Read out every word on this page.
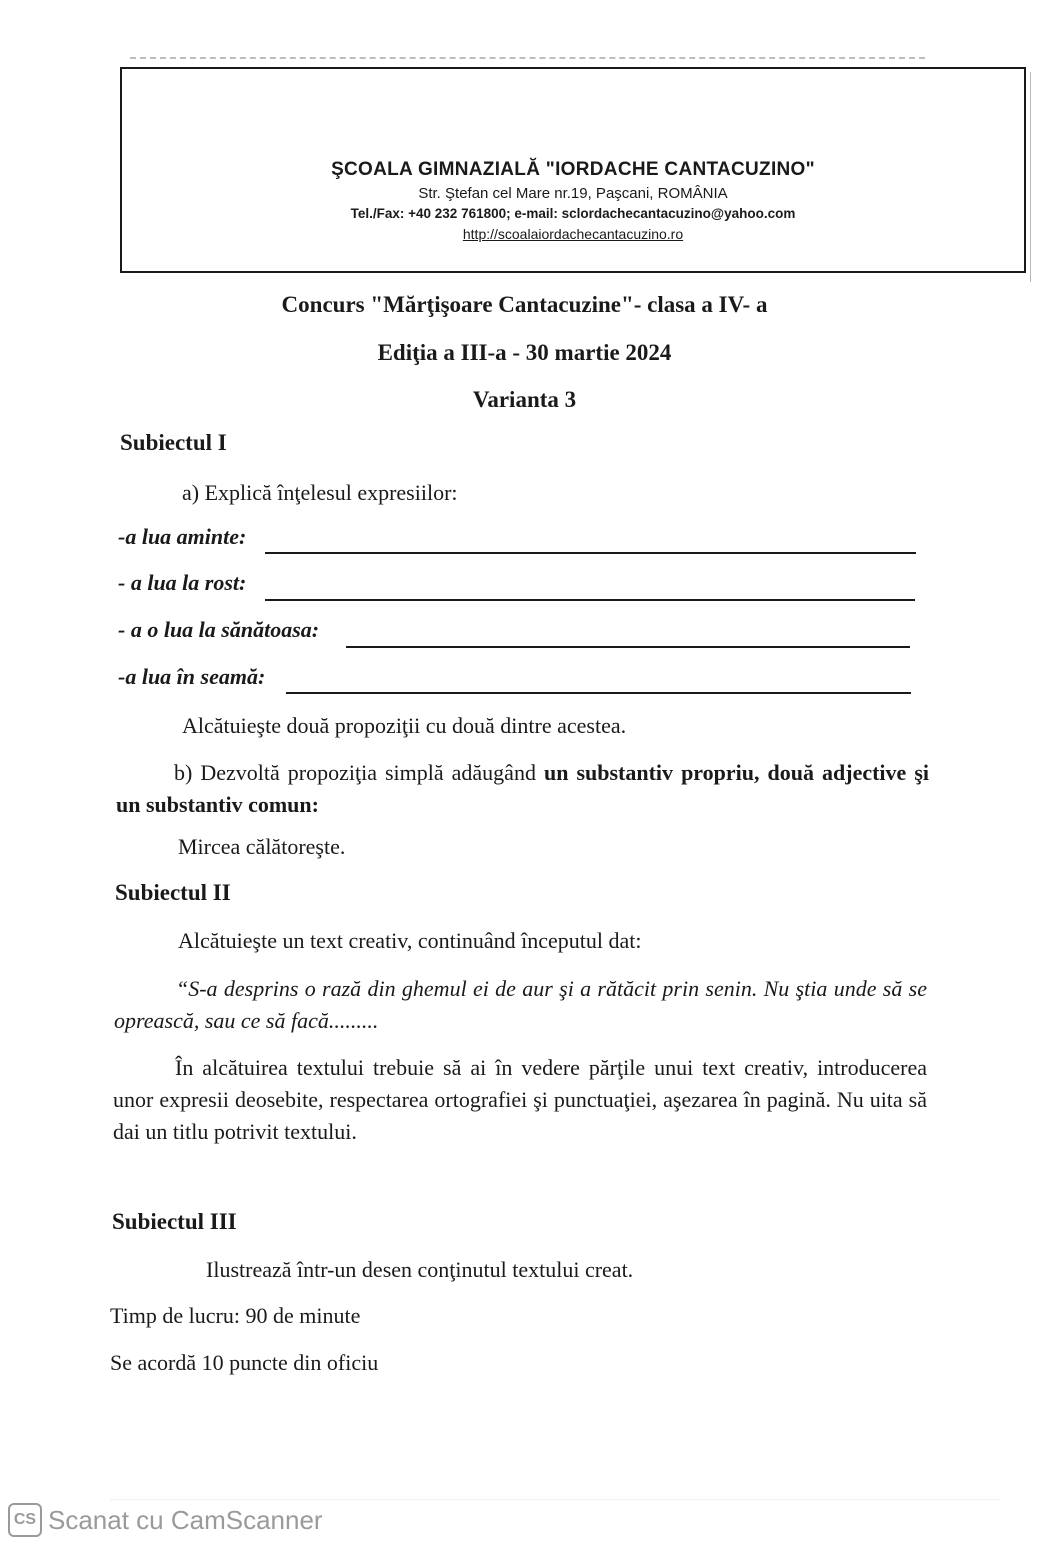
ŞCOALA GIMNAZIALĂ "IORDACHE CANTACUZINO"
Str. Ştefan cel Mare nr.19, Paşcani, ROMÂNIA
Tel./Fax: +40 232 761800; e-mail: sclordachecantacuzino@yahoo.com
http://scoalaiordachecantacuzino.ro
Concurs "Mărţişoare Cantacuzine"- clasa a IV- a
Ediţia a III-a - 30 martie 2024
Varianta 3
Subiectul I
a) Explică înţelesul expresiilor:
-a lua aminte:
- a lua la rost:
- a o lua la sănătoasa:
-a lua în seamă:
Alcătuieşte două propoziţii cu două dintre acestea.
b) Dezvoltă propoziţia simplă adăugând un substantiv propriu, două adjective şi un substantiv comun:
Mircea călătoreşte.
Subiectul II
Alcătuieşte un text creativ, continuând începutul dat:
“S-a desprins o rază din ghemul ei de aur şi a rătăcit prin senin. Nu ştia unde să se oprească, sau ce să facă.........
În alcătuirea textului trebuie să ai în vedere părţile unui text creativ, introducerea unor expresii deosebite, respectarea ortografiei şi punctuaţiei, aşezarea în pagină. Nu uita să dai un titlu potrivit textului.
Subiectul III
Ilustrează într-un desen conţinutul textului creat.
Timp de lucru: 90 de minute
Se acordă 10 puncte din oficiu
CS Scanat cu CamScanner
